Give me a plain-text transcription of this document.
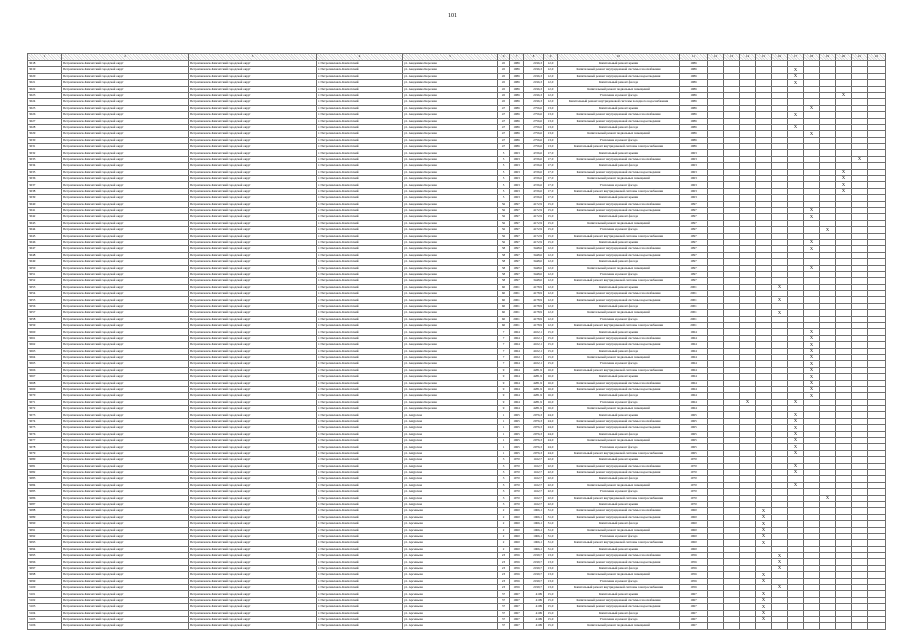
101
1	2	3	4	5	6	7	8	9	10	11	12	13	14	15	16	17	18	19	20	21	22
3018	Петропавловск-Камчатский городской округ	Петропавловск-Камчатский городской округ	г. Петропавловск-Камчатский	ул. Академика Королева	45	1986	2196,3	12,0	Капитальный ремонт крыши	1986											
3019	Петропавловск-Камчатский городской округ	Петропавловск-Камчатский городской округ	г. Петропавловск-Камчатский	ул. Академика Королева	45	1986	2196,3	12,0	Капитальный ремонт внутридомовой системы газоснабжения	1986						X					
3020	Петропавловск-Камчатский городской округ	Петропавловск-Камчатский городской округ	г. Петропавловск-Камчатский	ул. Академика Королева	45	1986	2196,3	12,0	Капитальный ремонт внутридомовой системы водоотведения	1986						X					
3021	Петропавловск-Камчатский городской округ	Петропавловск-Камчатский городской округ	г. Петропавловск-Камчатский	ул. Академика Королева	45	1986	2196,3	12,0	Капитальный ремонт фасада	1986						X					
3022	Петропавловск-Камчатский городской округ	Петропавловск-Камчатский городской округ	г. Петропавловск-Камчатский	ул. Академика Королева	45	1986	2196,3	12,0	Капитальный ремонт подвальных помещений	1986											
3023	Петропавловск-Камчатский городской округ	Петропавловск-Камчатский городской округ	г. Петропавловск-Камчатский	ул. Академика Королева	45	1986	2196,3	12,0	Утепление и ремонт фасада	1986									X		
3024	Петропавловск-Камчатский городской округ	Петропавловск-Камчатский городской округ	г. Петропавловск-Камчатский	ул. Академика Королева	45	1986	2196,3	12,0	Капитальный ремонт внутридомовой системы холодного водоснабжения	1986											
3025	Петропавловск-Камчатский городской округ	Петропавловск-Камчатский городской округ	г. Петропавловск-Камчатский	ул. Академика Королева	47	1986	2756,6	13,0	Капитальный ремонт крыши	1986							X				
3026	Петропавловск-Камчатский городской округ	Петропавловск-Камчатский городской округ	г. Петропавловск-Камчатский	ул. Академика Королева	47	1986	2756,6	13,0	Капитальный ремонт внутридомовой системы газоснабжения	1986						X					
3027	Петропавловск-Камчатский городской округ	Петропавловск-Камчатский городской округ	г. Петропавловск-Камчатский	ул. Академика Королева	47	1986	2756,6	13,0	Капитальный ремонт внутридомовой системы водоотведения	1986											
3028	Петропавловск-Камчатский городской округ	Петропавловск-Камчатский городской округ	г. Петропавловск-Камчатский	ул. Академика Королева	47	1986	2756,6	13,0	Капитальный ремонт фасада	1986						X					
3029	Петропавловск-Камчатский городской округ	Петропавловск-Камчатский городской округ	г. Петропавловск-Камчатский	ул. Академика Королева	47	1986	2756,6	13,0	Капитальный ремонт подвальных помещений	1986							X				
3030	Петропавловск-Камчатский городской округ	Петропавловск-Камчатский городской округ	г. Петропавловск-Камчатский	ул. Академика Королева	47	1986	2756,6	13,0	Утепление и ремонт фасада	1986											
3031	Петропавловск-Камчатский городской округ	Петропавловск-Камчатский городской округ	г. Петропавловск-Камчатский	ул. Академика Королева	47	1986	2756,6	13,0	Капитальный ремонт внутридомовой системы электроснабжения	1986											
3032	Петропавловск-Камчатский городской округ	Петропавловск-Камчатский городской округ	г. Петропавловск-Камчатский	ул. Академика Королева	5	1963	4726,6	17,0	Капитальный ремонт крыши	1963											
3033	Петропавловск-Камчатский городской округ	Петропавловск-Камчатский городской округ	г. Петропавловск-Камчатский	ул. Академика Королева	5	1963	4726,6	17,0	Капитальный ремонт внутридомовой системы газоснабжения	1963										X	
3034	Петропавловск-Камчатский городской округ	Петропавловск-Камчатский городской округ	г. Петропавловск-Камчатский	ул. Академика Королева	5	1963	4726,6	17,0	Капитальный ремонт фасада	1963											
3035	Петропавловск-Камчатский городской округ	Петропавловск-Камчатский городской округ	г. Петропавловск-Камчатский	ул. Академика Королева	5	1963	4726,6	17,0	Капитальный ремонт внутридомовой системы водоотведения	1963									X		
3036	Петропавловск-Камчатский городской округ	Петропавловск-Камчатский городской округ	г. Петропавловск-Камчатский	ул. Академика Королева	5	1963	4726,6	17,0	Капитальный ремонт подвальных помещений	1963									X		
3037	Петропавловск-Камчатский городской округ	Петропавловск-Камчатский городской округ	г. Петропавловск-Камчатский	ул. Академика Королева	5	1963	4726,6	17,0	Утепление и ремонт фасада	1963									X		
3038	Петропавловск-Камчатский городской округ	Петропавловск-Камчатский городской округ	г. Петропавловск-Камчатский	ул. Академика Королева	5	1963	4726,6	17,0	Капитальный ремонт внутридомовой системы электроснабжения	1963									X		
3039	Петропавловск-Камчатский городской округ	Петропавловск-Камчатский городской округ	г. Петропавловск-Камчатский	ул. Академика Королева	5	1963	4726,6	17,0	Капитальный ремонт крыши	1963											
3040	Петропавловск-Камчатский городской округ	Петропавловск-Камчатский городской округ	г. Петропавловск-Камчатский	ул. Академика Королева	56	1997	4172,9	15,0	Капитальный ремонт внутридомовой системы газоснабжения	1997											
3041	Петропавловск-Камчатский городской округ	Петропавловск-Камчатский городской округ	г. Петропавловск-Камчатский	ул. Академика Королева	56	1997	4172,9	15,0	Капитальный ремонт внутридомовой системы водоотведения	1997							X				
3042	Петропавловск-Камчатский городской округ	Петропавловск-Камчатский городской округ	г. Петропавловск-Камчатский	ул. Академика Королева	56	1997	4172,9	15,0	Капитальный ремонт фасада	1997							X				
3043	Петропавловск-Камчатский городской округ	Петропавловск-Камчатский городской округ	г. Петропавловск-Камчатский	ул. Академика Королева	56	1997	4172,9	15,0	Капитальный ремонт подвальных помещений	1997											
3044	Петропавловск-Камчатский городской округ	Петропавловск-Камчатский городской округ	г. Петропавловск-Камчатский	ул. Академика Королева	56	1997	4172,9	15,0	Утепление и ремонт фасада	1997								X			
3045	Петропавловск-Камчатский городской округ	Петропавловск-Камчатский городской округ	г. Петропавловск-Камчатский	ул. Академика Королева	56	1997	4172,9	15,0	Капитальный ремонт внутридомовой системы электроснабжения	1997											
3046	Петропавловск-Камчатский городской округ	Петропавловск-Камчатский городской округ	г. Петропавловск-Камчатский	ул. Академика Королева	56	1997	4172,9	15,0	Капитальный ремонт крыши	1997							X				
3047	Петропавловск-Камчатский городской округ	Петропавловск-Камчатский городской округ	г. Петропавловск-Камчатский	ул. Академика Королева	58	1997	3448,6	12,0	Капитальный ремонт внутридомовой системы газоснабжения	1997							X				
3048	Петропавловск-Камчатский городской округ	Петропавловск-Камчатский городской округ	г. Петропавловск-Камчатский	ул. Академика Королева	58	1997	3448,6	12,0	Капитальный ремонт внутридомовой системы водоотведения	1997											
3049	Петропавловск-Камчатский городской округ	Петропавловск-Камчатский городской округ	г. Петропавловск-Камчатский	ул. Академика Королева	58	1997	3448,6	12,0	Капитальный ремонт фасада	1997											
3050	Петропавловск-Камчатский городской округ	Петропавловск-Камчатский городской округ	г. Петропавловск-Камчатский	ул. Академика Королева	58	1997	3448,6	12,0	Капитальный ремонт подвальных помещений	1997							X				
3051	Петропавловск-Камчатский городской округ	Петропавловск-Камчатский городской округ	г. Петропавловск-Камчатский	ул. Академика Королева	58	1997	3448,6	12,0	Утепление и ремонт фасада	1997											
3052	Петропавловск-Камчатский городской округ	Петропавловск-Камчатский городской округ	г. Петропавловск-Камчатский	ул. Академика Королева	58	1997	3448,6	12,0	Капитальный ремонт внутридомовой системы электроснабжения	1997											
3053	Петропавловск-Камчатский городской округ	Петропавловск-Камчатский городской округ	г. Петропавловск-Камчатский	ул. Академика Королева	60	2001	4178,9	12,0	Капитальный ремонт крыши	2001					X						
3054	Петропавловск-Камчатский городской округ	Петропавловск-Камчатский городской округ	г. Петропавловск-Камчатский	ул. Академика Королева	60	2001	4178,9	12,0	Капитальный ремонт внутридомовой системы газоснабжения	2001											
3055	Петропавловск-Камчатский городской округ	Петропавловск-Камчатский городской округ	г. Петропавловск-Камчатский	ул. Академика Королева	60	2001	4178,9	12,0	Капитальный ремонт внутридомовой системы водоотведения	2001					X						
3056	Петропавловск-Камчатский городской округ	Петропавловск-Камчатский городской округ	г. Петропавловск-Камчатский	ул. Академика Королева	60	2001	4178,9	12,0	Капитальный ремонт фасада	2001											
3057	Петропавловск-Камчатский городской округ	Петропавловск-Камчатский городской округ	г. Петропавловск-Камчатский	ул. Академика Королева	60	2001	4178,9	12,0	Капитальный ремонт подвальных помещений	2001					X						
3058	Петропавловск-Камчатский городской округ	Петропавловск-Камчатский городской округ	г. Петропавловск-Камчатский	ул. Академика Королева	60	2001	4178,9	12,0	Утепление и ремонт фасада	2001											
3059	Петропавловск-Камчатский городской округ	Петропавловск-Камчатский городской округ	г. Петропавловск-Камчатский	ул. Академика Королева	60	2001	4178,9	12,0	Капитальный ремонт внутридомовой системы электроснабжения	2001											
3060	Петропавловск-Камчатский городской округ	Петропавловск-Камчатский городской округ	г. Петропавловск-Камчатский	ул. Академика Королева	7	1964	4102,1	15,0	Капитальный ремонт крыши	1964							X				
3061	Петропавловск-Камчатский городской округ	Петропавловск-Камчатский городской округ	г. Петропавловск-Камчатский	ул. Академика Королева	7	1964	4102,1	15,0	Капитальный ремонт внутридомовой системы газоснабжения	1964							X				
3062	Петропавловск-Камчатский городской округ	Петропавловск-Камчатский городской округ	г. Петропавловск-Камчатский	ул. Академика Королева	7	1964	4102,1	15,0	Капитальный ремонт внутридомовой системы водоотведения	1964							X				
3063	Петропавловск-Камчатский городской округ	Петропавловск-Камчатский городской округ	г. Петропавловск-Камчатский	ул. Академика Королева	7	1964	4102,1	15,0	Капитальный ремонт фасада	1964							X				
3064	Петропавловск-Камчатский городской округ	Петропавловск-Камчатский городской округ	г. Петропавловск-Камчатский	ул. Академика Королева	7	1964	4102,1	15,0	Капитальный ремонт подвальных помещений	1964							X				
3065	Петропавловск-Камчатский городской округ	Петропавловск-Камчатский городской округ	г. Петропавловск-Камчатский	ул. Академика Королева	7	1964	4102,1	15,0	Утепление и ремонт фасада	1964							X				
3066	Петропавловск-Камчатский городской округ	Петропавловск-Камчатский городской округ	г. Петропавловск-Камчатский	ул. Академика Королева	9	1964	4281,9	16,0	Капитальный ремонт внутридомовой системы электроснабжения	1964							X				
3067	Петропавловск-Камчатский городской округ	Петропавловск-Камчатский городской округ	г. Петропавловск-Камчатский	ул. Академика Королева	9	1964	4281,9	16,0	Капитальный ремонт крыши	1964							X				
3068	Петропавловск-Камчатский городской округ	Петропавловск-Камчатский городской округ	г. Петропавловск-Камчатский	ул. Академика Королева	9	1964	4281,9	16,0	Капитальный ремонт внутридомовой системы газоснабжения	1964							X				
3069	Петропавловск-Камчатский городской округ	Петропавловск-Камчатский городской округ	г. Петропавловск-Камчатский	ул. Академика Королева	9	1964	4281,9	16,0	Капитальный ремонт внутридомовой системы водоотведения	1964							X				
3070	Петропавловск-Камчатский городской округ	Петропавловск-Камчатский городской округ	г. Петропавловск-Камчатский	ул. Академика Королева	9	1964	4281,9	16,0	Капитальный ремонт фасада	1964							X				
3071	Петропавловск-Камчатский городской округ	Петропавловск-Камчатский городской округ	г. Петропавловск-Камчатский	ул. Академика Королева	9	1964	4281,9	16,0	Утепление и ремонт фасада	1964			X			X					
3072	Петропавловск-Камчатский городской округ	Петропавловск-Камчатский городской округ	г. Петропавловск-Камчатский	ул. Академика Королева	9	1964	4281,9	16,0	Капитальный ремонт подвальных помещений	1964											
3073	Петропавловск-Камчатский городской округ	Петропавловск-Камчатский городской округ	г. Петропавловск-Камчатский	ул. Амурская	1	1965	2076,3	24,0	Капитальный ремонт крыши	1965						X					
3074	Петропавловск-Камчатский городской округ	Петропавловск-Камчатский городской округ	г. Петропавловск-Камчатский	ул. Амурская	1	1965	2076,3	24,0	Капитальный ремонт внутридомовой системы газоснабжения	1965						X					
3075	Петропавловск-Камчатский городской округ	Петропавловск-Камчатский городской округ	г. Петропавловск-Камчатский	ул. Амурская	1	1965	2076,3	24,0	Капитальный ремонт внутридомовой системы водоотведения	1965						X					
3076	Петропавловск-Камчатский городской округ	Петропавловск-Камчатский городской округ	г. Петропавловск-Камчатский	ул. Амурская	1	1965	2076,3	24,0	Капитальный ремонт фасада	1965						X					
3077	Петропавловск-Камчатский городской округ	Петропавловск-Камчатский городской округ	г. Петропавловск-Камчатский	ул. Амурская	1	1965	2076,3	24,0	Капитальный ремонт подвальных помещений	1965						X					
3078	Петропавловск-Камчатский городской округ	Петропавловск-Камчатский городской округ	г. Петропавловск-Камчатский	ул. Амурская	1	1965	2076,3	24,0	Утепление и ремонт фасада	1965						X					
3079	Петропавловск-Камчатский городской округ	Петропавловск-Камчатский городской округ	г. Петропавловск-Камчатский	ул. Амурская	1	1965	2076,3	24,0	Капитальный ремонт внутридомовой системы электроснабжения	1965						X					
3080	Петропавловск-Камчатский городской округ	Петропавловск-Камчатский городской округ	г. Петропавловск-Камчатский	ул. Амурская	3	1970	1162,7	22,0	Капитальный ремонт крыши	1970											
3081	Петропавловск-Камчатский городской округ	Петропавловск-Камчатский городской округ	г. Петропавловск-Камчатский	ул. Амурская	3	1970	1162,7	22,0	Капитальный ремонт внутридомовой системы газоснабжения	1970						X					
3082	Петропавловск-Камчатский городской округ	Петропавловск-Камчатский городской округ	г. Петропавловск-Камчатский	ул. Амурская	3	1970	1162,7	22,0	Капитальный ремонт внутридомовой системы водоотведения	1970						X					
3083	Петропавловск-Камчатский городской округ	Петропавловск-Камчатский городской округ	г. Петропавловск-Камчатский	ул. Амурская	3	1970	1162,7	22,0	Капитальный ремонт фасада	1970											
3084	Петропавловск-Камчатский городской округ	Петропавловск-Камчатский городской округ	г. Петропавловск-Камчатский	ул. Амурская	3	1970	1162,7	22,0	Капитальный ремонт подвальных помещений	1970						X					
3085	Петропавловск-Камчатский городской округ	Петропавловск-Камчатский городской округ	г. Петропавловск-Камчатский	ул. Амурская	3	1970	1162,7	22,0	Утепление и ремонт фасада	1970											
3086	Петропавловск-Камчатский городской округ	Петропавловск-Камчатский городской округ	г. Петропавловск-Камчатский	ул. Амурская	3	1970	1162,7	22,0	Капитальный ремонт внутридомовой системы электроснабжения	1970								X			
3087	Петропавловск-Камчатский городской округ	Петропавловск-Камчатский городской округ	г. Петропавловск-Камчатский	ул. Амурская	3	1970	1162,7	22,0	Капитальный ремонт крыши	1970											
3088	Петропавловск-Камчатский городской округ	Петропавловск-Камчатский городской округ	г. Петропавловск-Камчатский	ул. Арсеньева	2	1960	1066,1	31,0	Капитальный ремонт внутридомовой системы газоснабжения	1960				X							
3089	Петропавловск-Камчатский городской округ	Петропавловск-Камчатский городской округ	г. Петропавловск-Камчатский	ул. Арсеньева	2	1960	1066,1	31,0	Капитальный ремонт внутридомовой системы водоотведения	1960				X							
3090	Петропавловск-Камчатский городской округ	Петропавловск-Камчатский городской округ	г. Петропавловск-Камчатский	ул. Арсеньева	2	1960	1066,1	31,0	Капитальный ремонт фасада	1960				X							
3091	Петропавловск-Камчатский городской округ	Петропавловск-Камчатский городской округ	г. Петропавловск-Камчатский	ул. Арсеньева	2	1960	1066,1	31,0	Капитальный ремонт подвальных помещений	1960				X							
3092	Петропавловск-Камчатский городской округ	Петропавловск-Камчатский городской округ	г. Петропавловск-Камчатский	ул. Арсеньева	2	1960	1066,1	31,0	Утепление и ремонт фасада	1960				X							
3093	Петропавловск-Камчатский городской округ	Петропавловск-Камчатский городской округ	г. Петропавловск-Камчатский	ул. Арсеньева	2	1960	1066,1	31,0	Капитальный ремонт внутридомовой системы электроснабжения	1960				X							
3094	Петропавловск-Камчатский городской округ	Петропавловск-Камчатский городской округ	г. Петропавловск-Камчатский	ул. Арсеньева	2	1960	1066,1	31,0	Капитальный ремонт крыши	1960											
3095	Петропавловск-Камчатский городской округ	Петропавловск-Камчатский городской округ	г. Петропавловск-Камчатский	ул. Арсеньева	23	1956	2199,7	13,0	Капитальный ремонт внутридомовой системы газоснабжения	1956					X						
3096	Петропавловск-Камчатский городской округ	Петропавловск-Камчатский городской округ	г. Петропавловск-Камчатский	ул. Арсеньева	23	1956	2199,7	13,0	Капитальный ремонт внутридомовой системы водоотведения	1956					X						
3097	Петропавловск-Камчатский городской округ	Петропавловск-Камчатский городской округ	г. Петропавловск-Камчатский	ул. Арсеньева	23	1956	2199,7	13,0	Капитальный ремонт фасада	1956					X						
3098	Петропавловск-Камчатский городской округ	Петропавловск-Камчатский городской округ	г. Петропавловск-Камчатский	ул. Арсеньева	23	1956	2199,7	13,0	Капитальный ремонт подвальных помещений	1956				X							
3099	Петропавловск-Камчатский городской округ	Петропавловск-Камчатский городской округ	г. Петропавловск-Камчатский	ул. Арсеньева	23	1956	2199,7	13,0	Утепление и ремонт фасада	1956				X							
3100	Петропавловск-Камчатский городской округ	Петропавловск-Камчатский городской округ	г. Петропавловск-Камчатский	ул. Арсеньева	23	1956	2199,7	13,0	Капитальный ремонт внутридомовой системы электроснабжения	1956					X						
3101	Петропавловск-Камчатский городской округ	Петропавловск-Камчатский городской округ	г. Петропавловск-Камчатский	ул. Арсеньева	37	1967	4109	15,0	Капитальный ремонт крыши	1967				X							
3102	Петропавловск-Камчатский городской округ	Петропавловск-Камчатский городской округ	г. Петропавловск-Камчатский	ул. Арсеньева	37	1967	4109	15,0	Капитальный ремонт внутридомовой системы газоснабжения	1967				X							
3103	Петропавловск-Камчатский городской округ	Петропавловск-Камчатский городской округ	г. Петропавловск-Камчатский	ул. Арсеньева	37	1967	4109	15,0	Капитальный ремонт внутридомовой системы водоотведения	1967				X							
3104	Петропавловск-Камчатский городской округ	Петропавловск-Камчатский городской округ	г. Петропавловск-Камчатский	ул. Арсеньева	37	1967	4109	15,0	Капитальный ремонт фасада	1967				X							
3105	Петропавловск-Камчатский городской округ	Петропавловск-Камчатский городской округ	г. Петропавловск-Камчатский	ул. Арсеньева	37	1967	4109	15,0	Утепление и ремонт фасада	1967				X							
3106	Петропавловск-Камчатский городской округ	Петропавловск-Камчатский городской округ	г. Петропавловск-Камчатский	ул. Арсеньева	37	1967	4109	15,0	Капитальный ремонт подвальных помещений	1967											
